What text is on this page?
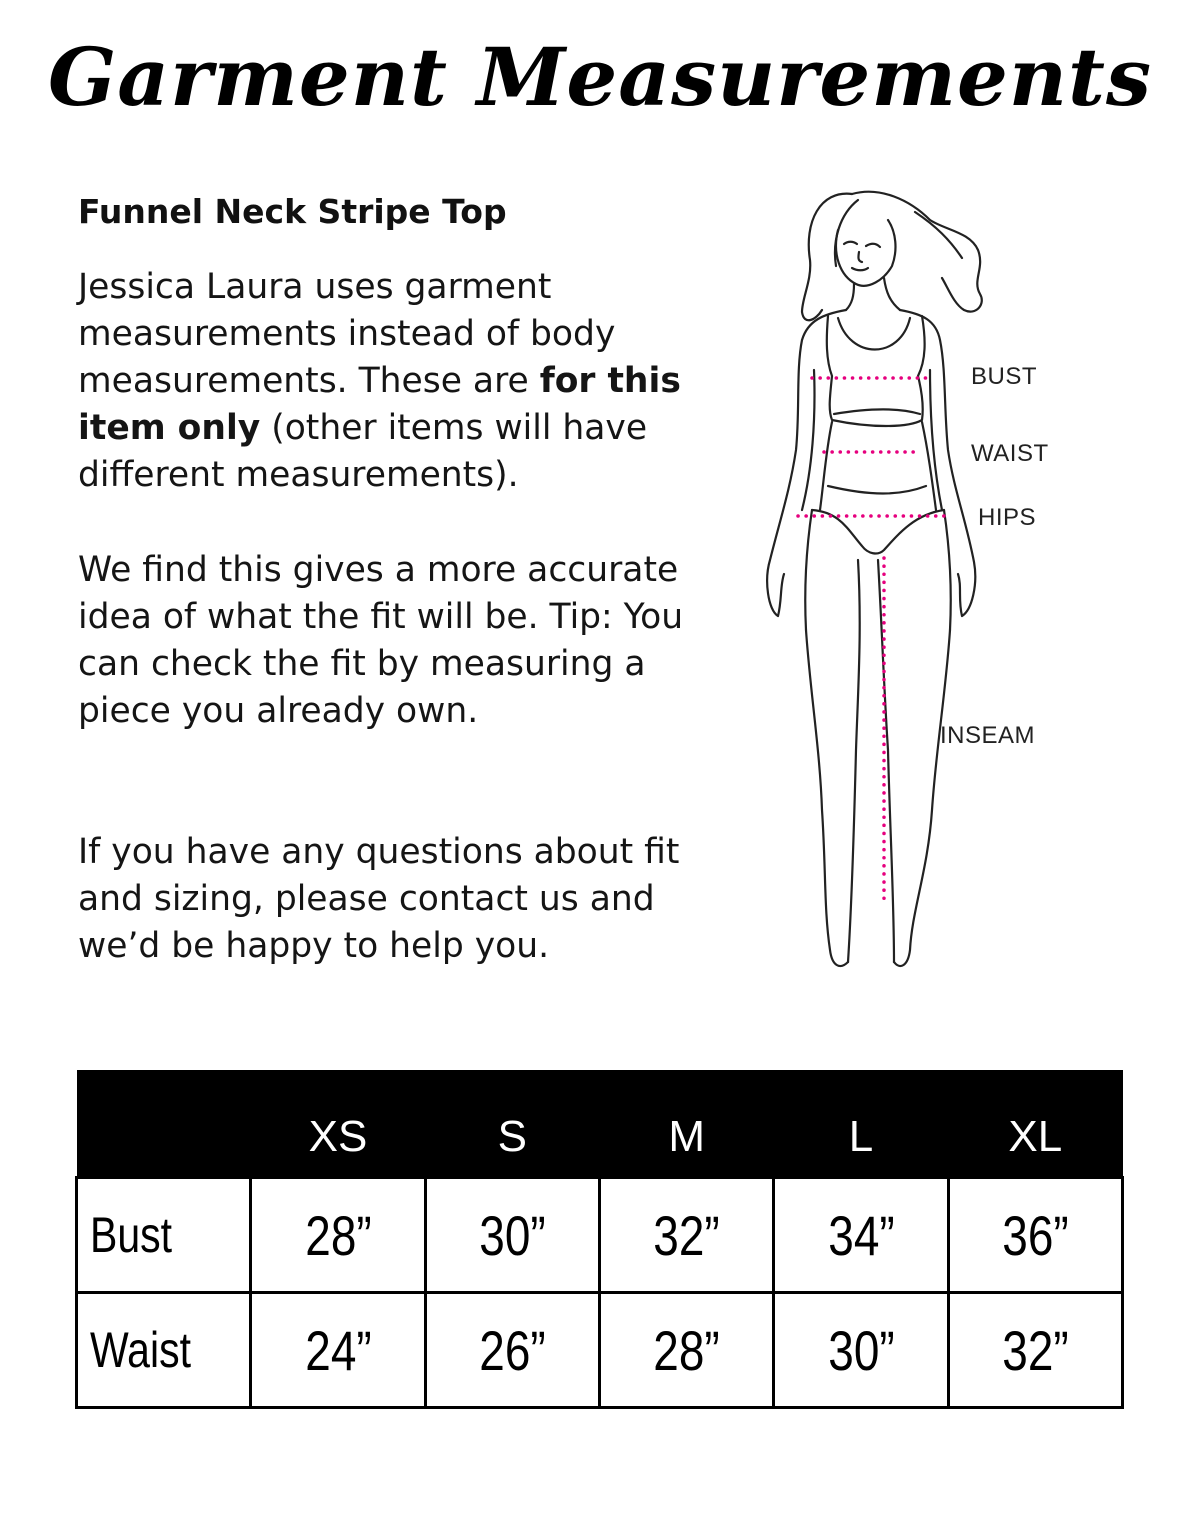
Garment Measurements
Funnel Neck Stripe Top

Jessica Laura uses garment measurements instead of body measurements. These are for this item only (other items will have different measurements).

We find this gives a more accurate idea of what the fit will be. Tip: You can check the fit by measuring a piece you already own.

If you have any questions about fit and sizing, please contact us and we’d be happy to help you.

BUST
WAIST
HIPS
INSEAM
	XS	S	M	L	XL
Bust	28”	30”	32”	34”	36”
Waist	24”	26”	28”	30”	32”
